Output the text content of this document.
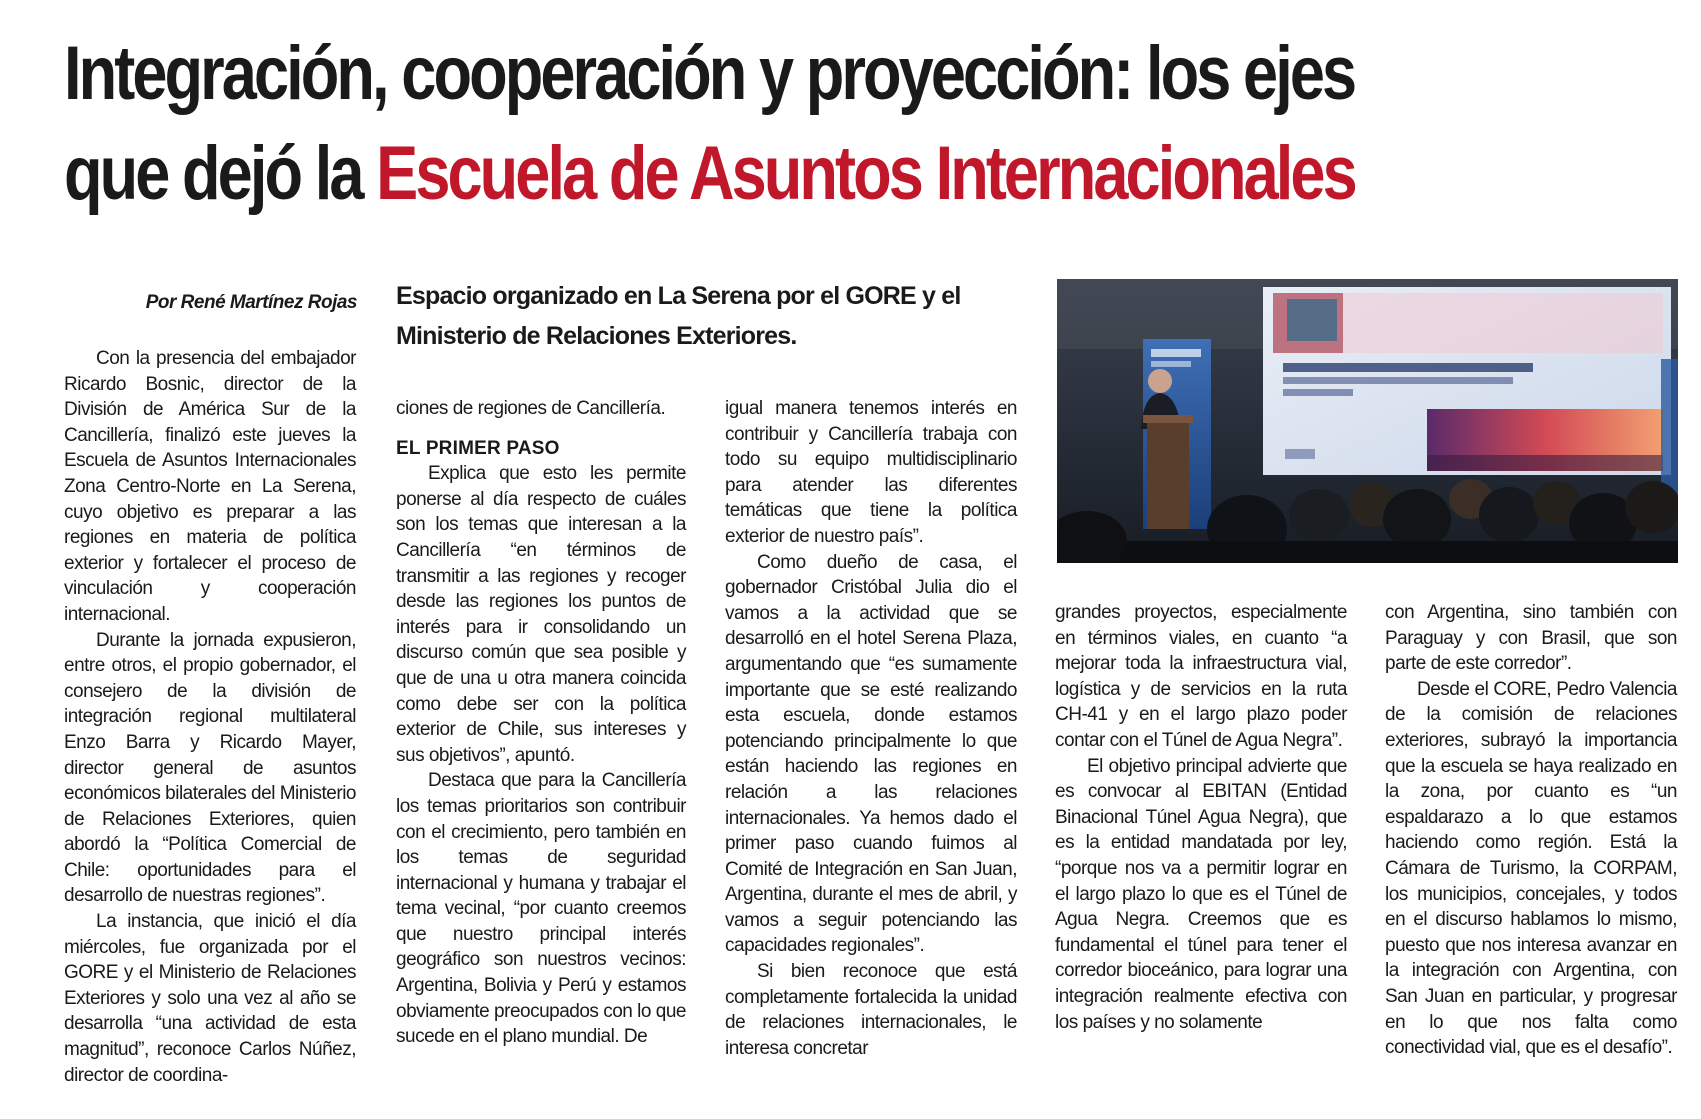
Integración, cooperación y proyección: los ejes
que dejó la Escuela de Asuntos Internacionales
Por René Martínez Rojas Espacio organizado en La Serena por el GORE y el Ministerio de Relaciones Exteriores.

Con la presencia del embajador Ricardo Bosnic, director de la División de América Sur de la Cancillería, finalizó este jueves la Escuela de Asuntos Internacionales Zona Centro-Norte en La Serena, cuyo objetivo es preparar a las regiones en materia de política exterior y fortalecer el proceso de vinculación y cooperación internacional.

Durante la jornada expusieron, entre otros, el propio gobernador, el consejero de la división de integración regional multilateral Enzo Barra y Ricardo Mayer, director general de asuntos económicos bilaterales del Ministerio de Relaciones Exteriores, quien abordó la “Política Comercial de Chile: oportunidades para el desarrollo de nuestras regiones”.

La instancia, que inició el día miércoles, fue organizada por el GORE y el Ministerio de Relaciones Exteriores y solo una vez al año se desarrolla “una actividad de esta magnitud”, reconoce Carlos Núñez, director de coordina-

ciones de regiones de Cancillería.

EL PRIMER PASO

Explica que esto les permite ponerse al día respecto de cuáles son los temas que interesan a la Cancillería “en términos de transmitir a las regiones y recoger desde las regiones los puntos de interés para ir consolidando un discurso común que sea posible y que de una u otra manera coincida como debe ser con la política exterior de Chile, sus intereses y sus objetivos”, apuntó.

Destaca que para la Cancillería los temas prioritarios son contribuir con el crecimiento, pero también en los temas de seguridad internacional y humana y trabajar el tema vecinal, “por cuanto creemos que nuestro principal interés geográfico son nuestros vecinos: Argentina, Bolivia y Perú y estamos obviamente preocupados con lo que sucede en el plano mundial. De

igual manera tenemos interés en contribuir y Cancillería trabaja con todo su equipo multidisciplinario para atender las diferentes temáticas que tiene la política exterior de nuestro país”.

Como dueño de casa, el gobernador Cristóbal Julia dio el vamos a la actividad que se desarrolló en el hotel Serena Plaza, argumentando que “es sumamente importante que se esté realizando esta escuela, donde estamos potenciando principalmente lo que están haciendo las regiones en relación a las relaciones internacionales. Ya hemos dado el primer paso cuando fuimos al Comité de Integración en San Juan, Argentina, durante el mes de abril, y vamos a seguir potenciando las capacidades regionales”.

Si bien reconoce que está completamente fortalecida la unidad de relaciones internacionales, le interesa concretar

grandes proyectos, especialmente en términos viales, en cuanto “a mejorar toda la infraestructura vial, logística y de servicios en la ruta CH-41 y en el largo plazo poder contar con el Túnel de Agua Negra”.

El objetivo principal advierte que es convocar al EBITAN (Entidad Binacional Túnel Agua Negra), que es la entidad mandatada por ley, “porque nos va a permitir lograr en el largo plazo lo que es el Túnel de Agua Negra. Creemos que es fundamental el túnel para tener el corredor bioceánico, para lograr una integración realmente efectiva con los países y no solamente

con Argentina, sino también con Paraguay y con Brasil, que son parte de este corredor”.

Desde el CORE, Pedro Valencia de la comisión de relaciones exteriores, subrayó la importancia que la escuela se haya realizado en la zona, por cuanto es “un espaldarazo a lo que estamos haciendo como región. Está la Cámara de Turismo, la CORPAM, los municipios, concejales, y todos en el discurso hablamos lo mismo, puesto que nos interesa avanzar en la integración con Argentina, con San Juan en particular, y progresar en lo que nos falta como conectividad vial, que es el desafío”.
